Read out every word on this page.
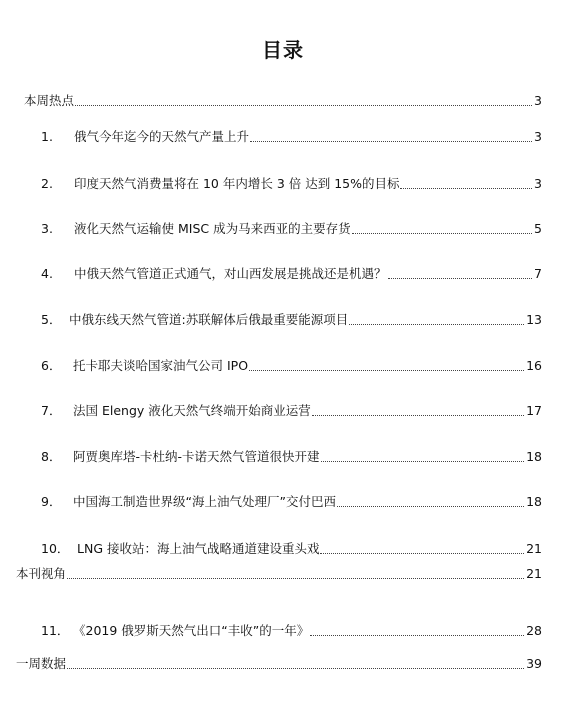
目录
本周热点	3
1.	俄气今年迄今的天然气产量上升	3
2.	印度天然气消费量将在 10 年内增长 3 倍 达到 15%的目标	3
3.	液化天然气运输使 MISC 成为马来西亚的主要存货	5
4.	中俄天然气管道正式通气，对山西发展是挑战还是机遇？	7
5． 中俄东线天然气管道:苏联解体后俄最重要能源项目	13
6． 托卡耶夫谈哈国家油气公司 IPO	16
7． 法国 Elengy 液化天然气终端开始商业运营	17
8． 阿贾奥库塔-卡杜纳-卡诺天然气管道很快开建	18
9． 中国海工制造世界级“海上油气处理厂”交付巴西	18
10． LNG 接收站：海上油气战略通道建设重头戏	21
本刊视角	21
11． 《2019 俄罗斯天然气出口“丰收”的一年》	28
一周数据	39
